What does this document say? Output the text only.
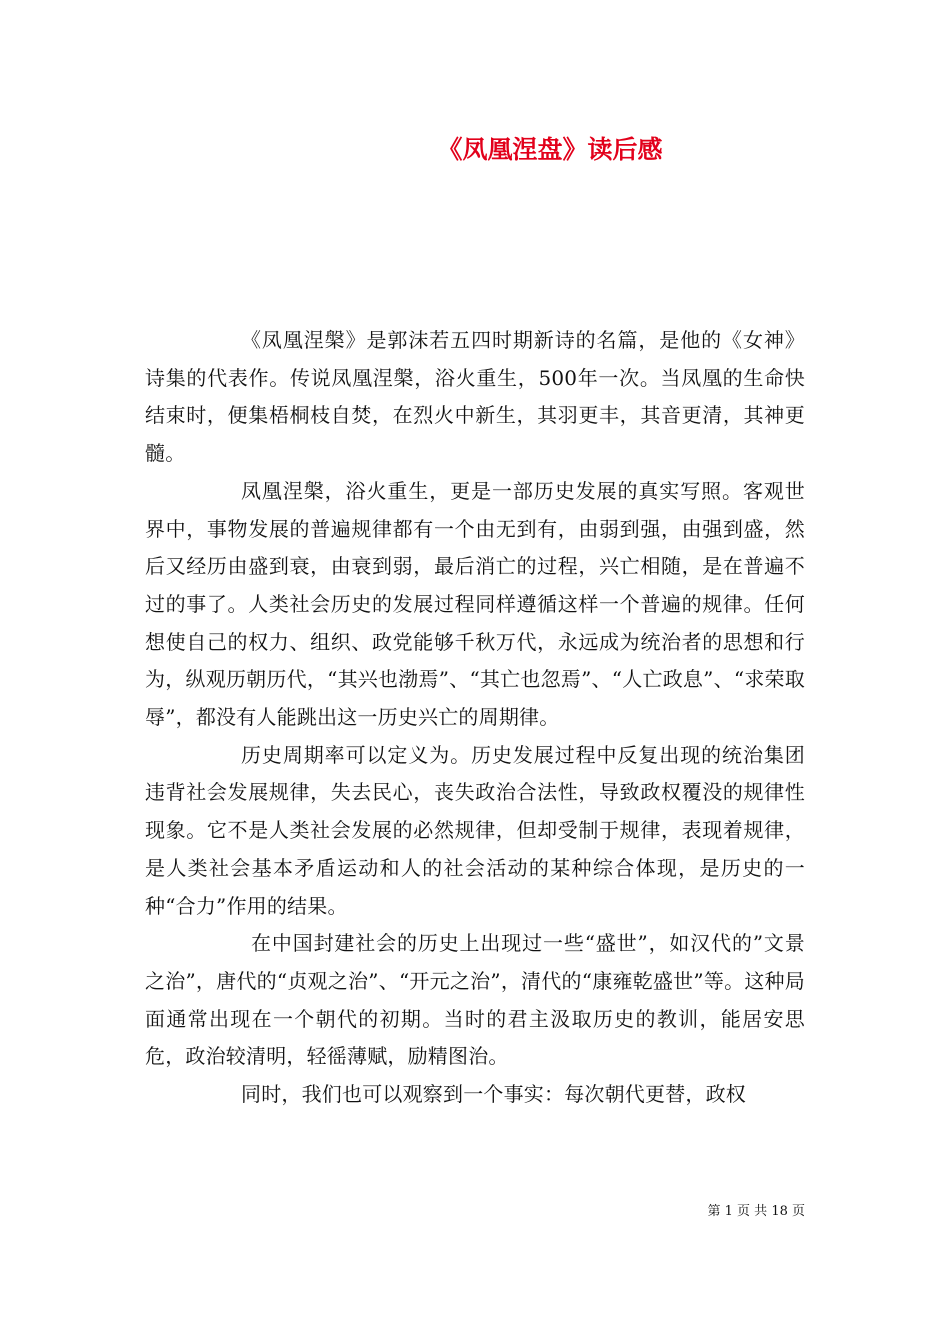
《凤凰涅盘》读后感

《凤凰涅槃》是郭沫若五四时期新诗的名篇，是他的《女神》诗集的代表作。传说凤凰涅槃，浴火重生，500年一次。当凤凰的生命快结束时，便集梧桐枝自焚，在烈火中新生，其羽更丰，其音更清，其神更髓。

凤凰涅槃，浴火重生，更是一部历史发展的真实写照。客观世界中，事物发展的普遍规律都有一个由无到有，由弱到强，由强到盛，然后又经历由盛到衰，由衰到弱，最后消亡的过程，兴亡相随，是在普遍不过的事了。人类社会历史的发展过程同样遵循这样一个普遍的规律。任何想使自己的权力、组织、政党能够千秋万代，永远成为统治者的思想和行为，纵观历朝历代，“其兴也渤焉”、“其亡也忽焉”、“人亡政息”、“求荣取辱”，都没有人能跳出这一历史兴亡的周期律。

历史周期率可以定义为。历史发展过程中反复出现的统治集团违背社会发展规律，失去民心，丧失政治合法性，导致政权覆没的规律性现象。它不是人类社会发展的必然规律，但却受制于规律，表现着规律，是人类社会基本矛盾运动和人的社会活动的某种综合体现，是历史的一种“合力”作用的结果。

在中国封建社会的历史上出现过一些“盛世”，如汉代的”文景之治”，唐代的“贞观之治”、“开元之治”，清代的“康雍乾盛世”等。这种局面通常出现在一个朝代的初期。当时的君主汲取历史的教训，能居安思危，政治较清明，轻徭薄赋，励精图治。

同时，我们也可以观察到一个事实：每次朝代更替，政权

第 1 页 共 18 页
